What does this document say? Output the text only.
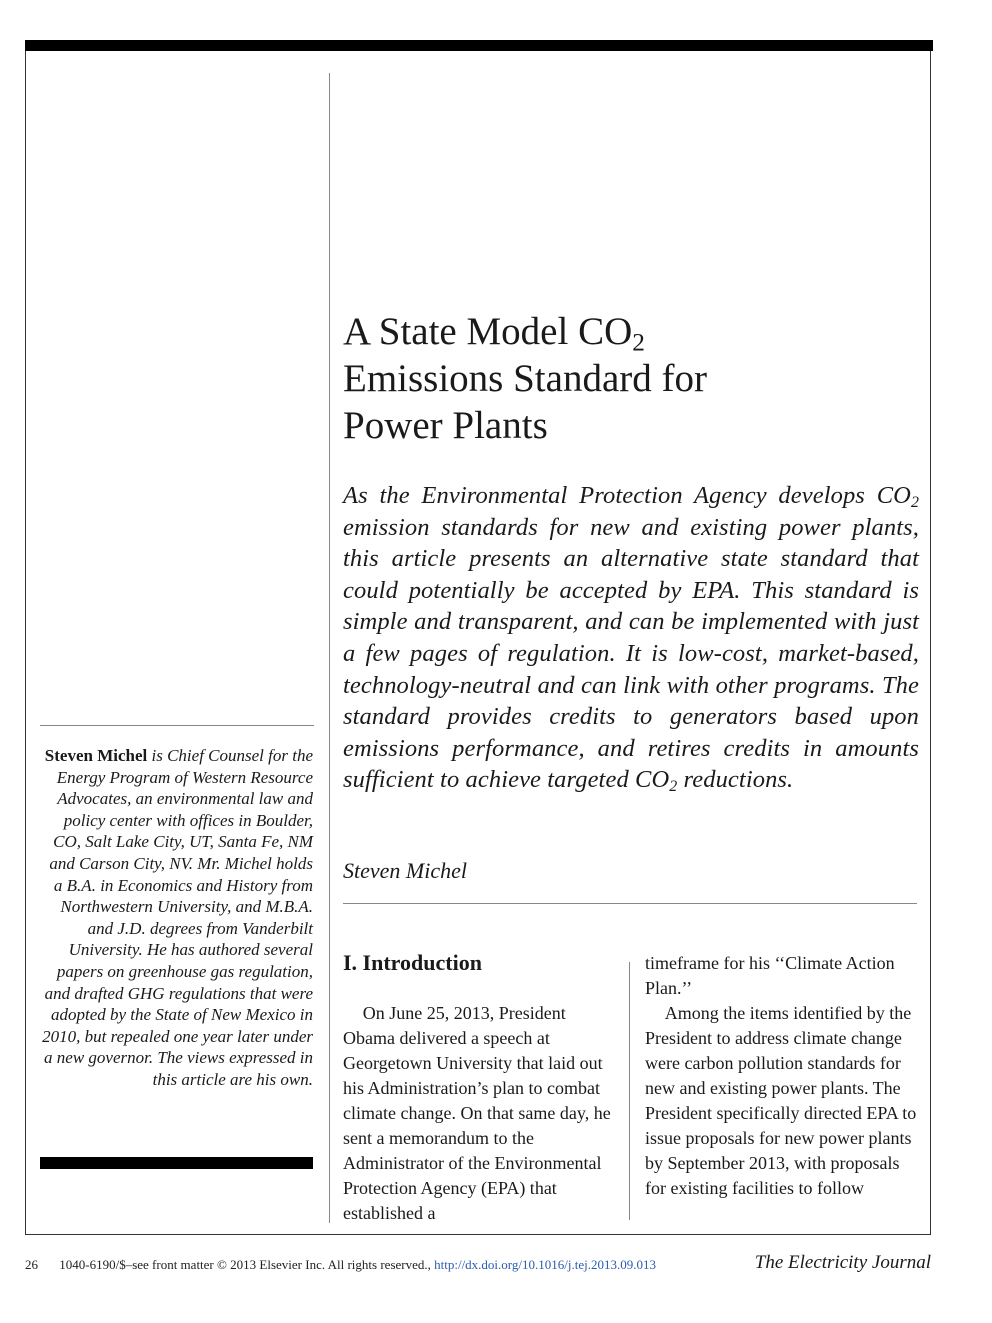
A State Model $CO_2$
Emissions Standard for
Power Plants
As the Environmental Protection Agency develops $CO_2$ emission standards for new and existing power plants, this article presents an alternative state standard that could potentially be accepted by EPA. This standard is simple and transparent, and can be implemented with just a few pages of regulation. It is low-cost, market-based, technology-neutral and can link with other programs. The standard provides credits to generators based upon emissions performance, and retires credits in amounts sufficient to achieve targeted $CO_2$ reductions.
Steven Michel
Steven Michel is Chief Counsel for the Energy Program of Western Resource Advocates, an environmental law and policy center with offices in Boulder, CO, Salt Lake City, UT, Santa Fe, NM and Carson City, NV. Mr. Michel holds a B.A. in Economics and History from Northwestern University, and M.B.A. and J.D. degrees from Vanderbilt University. He has authored several papers on greenhouse gas regulation, and drafted GHG regulations that were adopted by the State of New Mexico in 2010, but repealed one year later under a new governor. The views expressed in this article are his own.
I. Introduction

On June 25, 2013, President Obama delivered a speech at Georgetown University that laid out his Administration’s plan to combat climate change. On that same day, he sent a memorandum to the Administrator of the Environmental Protection Agency (EPA) that established a

timeframe for his ‘‘Climate Action Plan.’’

Among the items identified by the President to address climate change were carbon pollution standards for new and existing power plants. The President specifically directed EPA to issue proposals for new power plants by September 2013, with proposals for existing facilities to follow

26 1040-6190/$–see front matter © 2013 Elsevier Inc. All rights reserved., http://dx.doi.org/10.1016/j.tej.2013.09.013	The Electricity Journal
